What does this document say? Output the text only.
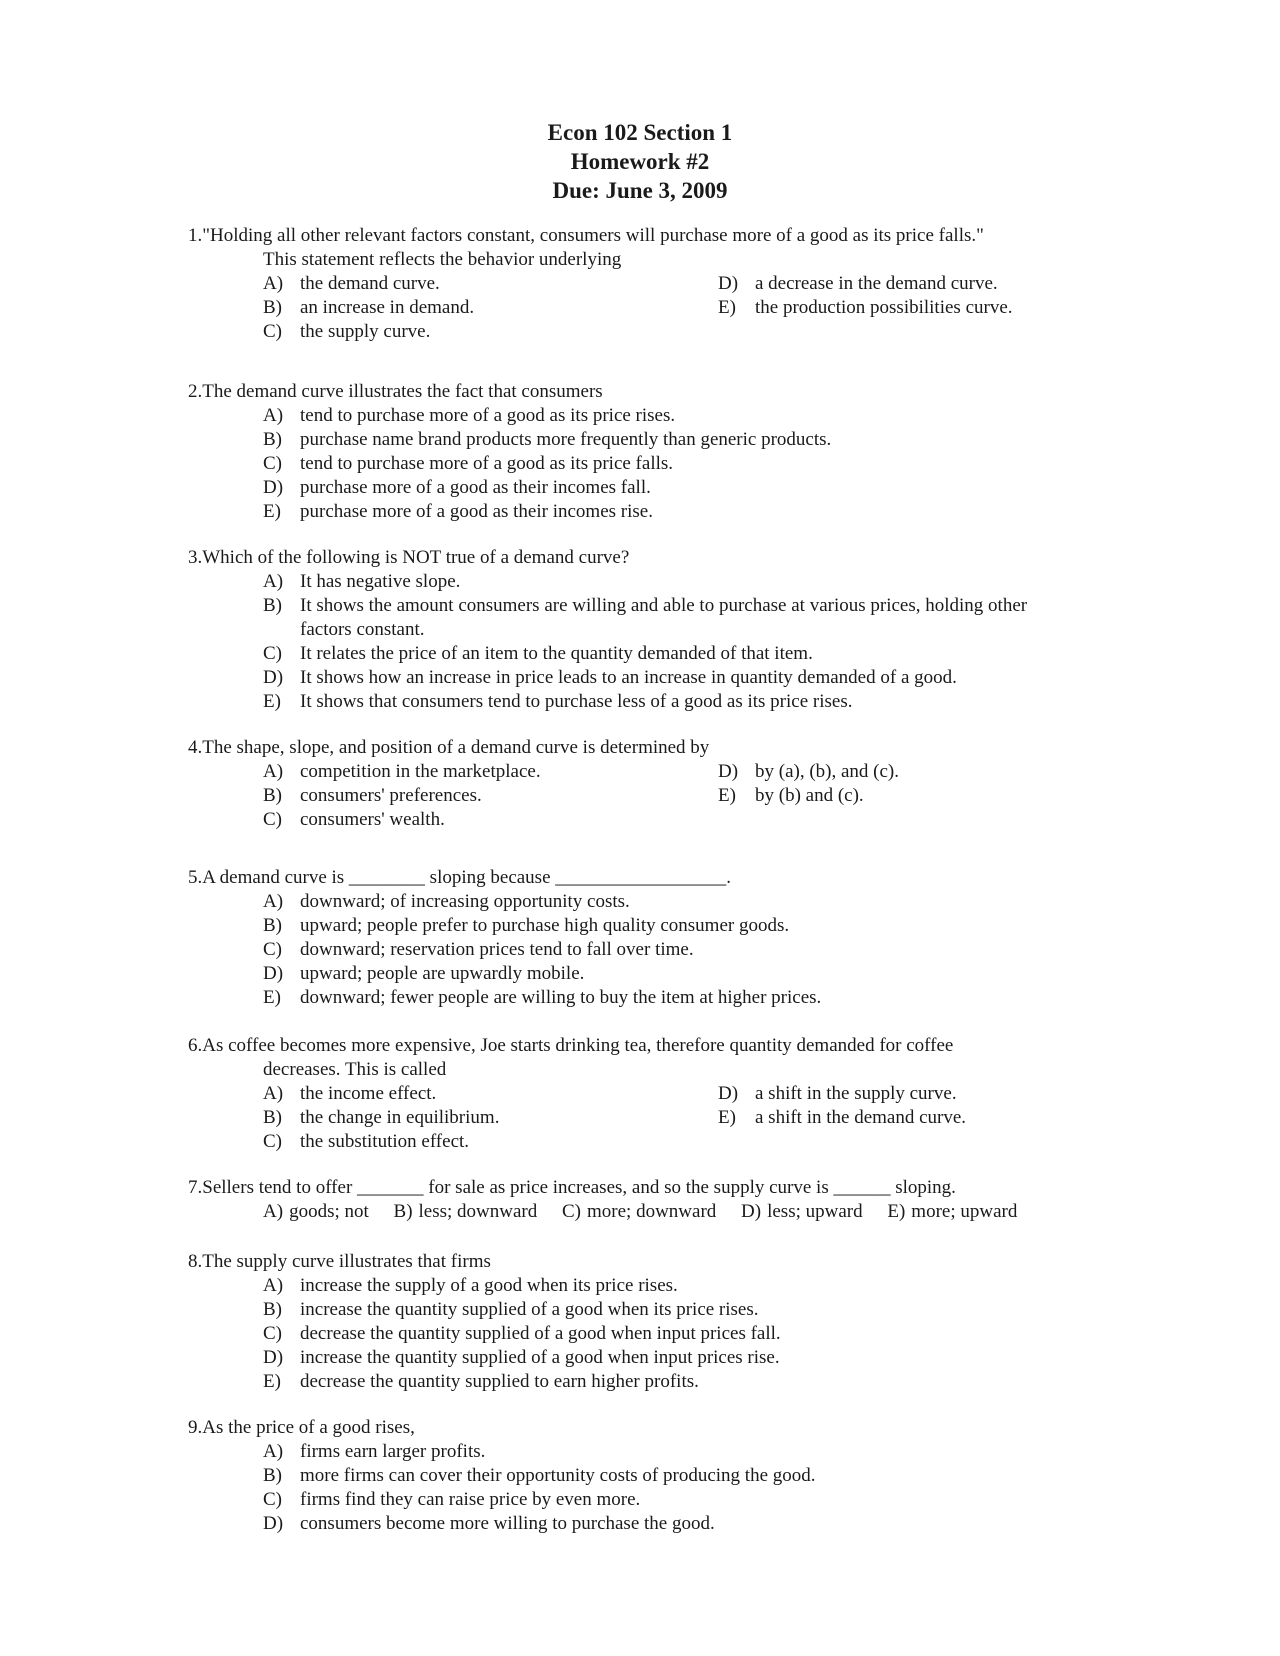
Econ 102 Section 1
Homework #2
Due: June 3, 2009
1."Holding all other relevant factors constant, consumers will purchase more of a good as its price falls."
This statement reflects the behavior underlying
A) the demand curve.
B) an increase in demand.
C) the supply curve.
D) a decrease in the demand curve.
E)	the production possibilities curve.
2.The demand curve illustrates the fact that consumers
A) tend to purchase more of a good as its price rises.
B) purchase name brand products more frequently than generic products.
C) tend to purchase more of a good as its price falls.
D) purchase more of a good as their incomes fall.
E)	purchase more of a good as their incomes rise.
3.Which of the following is NOT true of a demand curve?
A) It has negative slope.
B) It shows the amount consumers are willing and able to purchase at various prices, holding other factors constant.
C) It relates the price of an item to the quantity demanded of that item.
D) It shows how an increase in price leads to an increase in quantity demanded of a good.
E)	It shows that consumers tend to purchase less of a good as its price rises.
4.The shape, slope, and position of a demand curve is determined by
A) competition in the marketplace.
B) consumers' preferences.
C) consumers' wealth.
D) by (a), (b), and (c).
E)	by (b) and (c).
5.A demand curve is ________ sloping because __________________.
A) downward; of increasing opportunity costs.
B) upward; people prefer to purchase high quality consumer goods.
C) downward; reservation prices tend to fall over time.
D) upward; people are upwardly mobile.
E)	downward; fewer people are willing to buy the item at higher prices.
6.As coffee becomes more expensive, Joe starts drinking tea, therefore quantity demanded for coffee
decreases. This is called
A) the income effect.
B) the change in equilibrium.
C) the substitution effect.
D) a shift in the supply curve.
E)	a shift in the demand curve.
7.Sellers tend to offer _______ for sale as price increases, and so the supply curve is ______ sloping.
A) goods; not B) less; downward C) more; downward D) less; upward E) more; upward
8.The supply curve illustrates that firms
A) increase the supply of a good when its price rises.
B) increase the quantity supplied of a good when its price rises.
C) decrease the quantity supplied of a good when input prices fall.
D) increase the quantity supplied of a good when input prices rise.
E)	decrease the quantity supplied to earn higher profits.
9.As the price of a good rises,
A) firms earn larger profits.
B) more firms can cover their opportunity costs of producing the good.
C) firms find they can raise price by even more.
D) consumers become more willing to purchase the good.
